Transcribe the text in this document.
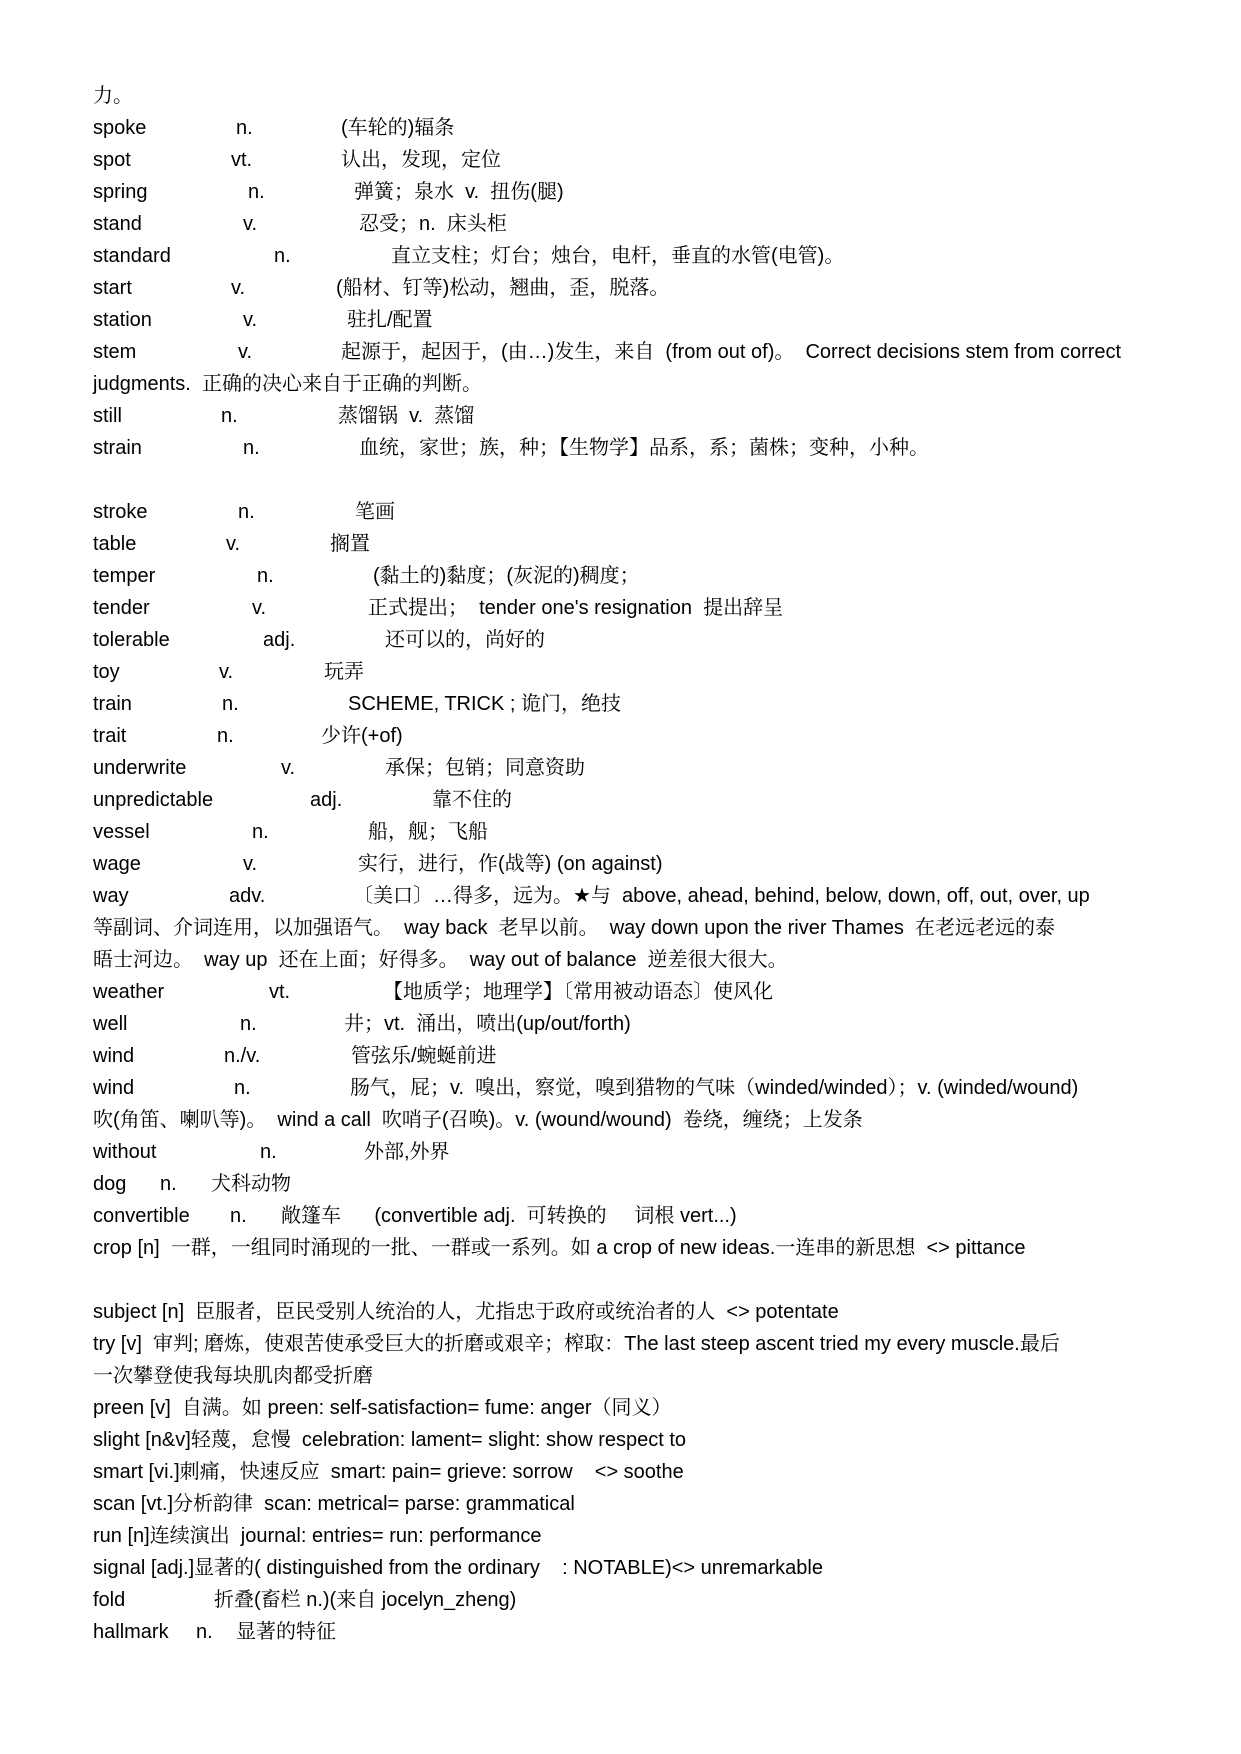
力。
spoke	n.	(车轮的)辐条
spot	vt.	认出，发现，定位
spring	n.	弹簧；泉水  v.  扭伤(腿)
stand	v.	忍受；n.  床头柜
standard	n.	直立支柱；灯台；烛台，电杆，垂直的水管(电管)。
start	v.	(船材、钉等)松动，翘曲，歪，脱落。
station	v.	驻扎/配置
stem	v.	起源于，起因于，(由…)发生，来自  (from out of)。  Correct decisions stem from correct
judgments.  正确的决心来自于正确的判断。
still	n.	蒸馏锅  v.  蒸馏
strain	n.	血统，家世；族，种；【生物学】品系，系；菌株；变种，小种。
stroke	n.	笔画
table	v.	搁置
temper	n.	(黏土的)黏度；(灰泥的)稠度；
tender	v.	正式提出；  tender one's resignation  提出辞呈
tolerable	adj.	还可以的，尚好的
toy	v.	玩弄
train	n.	SCHEME, TRICK ; 诡门，绝技
trait	n.	少许(+of)
underwrite	v.	承保；包销；同意资助
unpredictable	adj.	靠不住的
vessel	n.	船，舰；飞船
wage	v.	实行，进行，作(战等) (on against)
way	adv.	〔美口〕…得多，远为。★与  above, ahead, behind, below, down, off, out, over, up
等副词、介词连用，以加强语气。  way back  老早以前。  way down upon the river Thames  在老远老远的泰
晤士河边。  way up  还在上面；好得多。  way out of balance  逆差很大很大。
weather	vt.	【地质学；地理学】〔常用被动语态〕使风化
well	n.	井；vt.  涌出，喷出(up/out/forth)
wind	n./v.	管弦乐/蜿蜒前进
wind	n.	肠气，屁；v.  嗅出，察觉，嗅到猎物的气味（winded/winded）；v. (winded/wound)
吹(角笛、喇叭等)。  wind a call  吹哨子(召唤)。v. (wound/wound)  卷绕，缠绕；上发条
without	n.	外部,外界
dog n. 犬科动物
convertible n. 敞篷车      (convertible adj.  可转换的     词根 vert...)
crop [n]  一群，一组同时涌现的一批、一群或一系列。如 a crop of new ideas.一连串的新思想  <> pittance
subject [n]  臣服者，臣民受别人统治的人，尤指忠于政府或统治者的人  <> potentate
try [v]  审判; 磨炼，使艰苦使承受巨大的折磨或艰辛；榨取：The last steep ascent tried my every muscle.最后
一次攀登使我每块肌肉都受折磨
preen [v]  自满。如 preen: self-satisfaction= fume: anger（同义）
slight [n&v]轻蔑，怠慢  celebration: lament= slight: show respect to
smart [vi.]刺痛，快速反应  smart: pain= grieve: sorrow    <> soothe
scan [vt.]分析韵律  scan: metrical= parse: grammatical
run [n]连续演出  journal: entries= run: performance
signal [adj.]显著的( distinguished from the ordinary    : NOTABLE)<> unremarkable
fold	折叠(畜栏 n.)(来自 jocelyn_zheng)
hallmark n. 显著的特征
